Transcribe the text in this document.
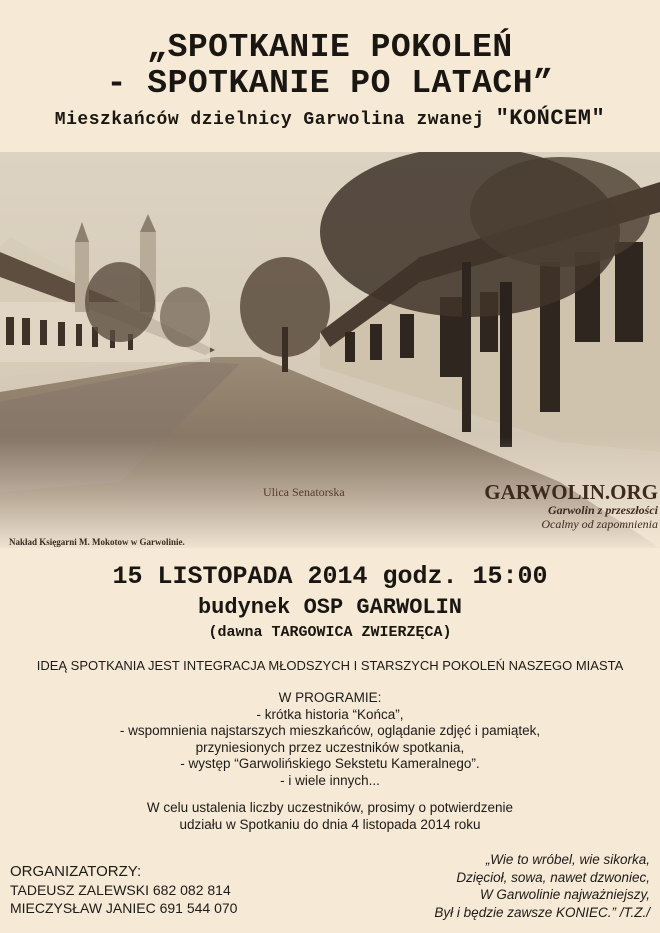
„SPOTKANIE POKOLEŃ
- SPOTKANIE PO LATACH”
Mieszkańców dzielnicy Garwolina zwanej "KOŃCEM"
Ulica Senatorska
Nakład Księgarni M. Mokotow w Garwolinie.
GARWOLIN.ORG
Garwolin z przeszłości
Ocalmy od zapomnienia
15 LISTOPADA 2014 godz. 15:00
budynek OSP GARWOLIN
(dawna TARGOWICA ZWIERZĘCA)
IDEĄ SPOTKANIA JEST INTEGRACJA MŁODSZYCH I STARSZYCH POKOLEŃ NASZEGO MIASTA
W PROGRAMIE:
- krótka historia “Końca”,
- wspomnienia najstarszych mieszkańców, oglądanie zdjęć i pamiątek,
przyniesionych przez uczestników spotkania,
- występ “Garwolińskiego Sekstetu Kameralnego”.
- i wiele innych...
W celu ustalenia liczby uczestników, prosimy o potwierdzenie
udziału w Spotkaniu do dnia 4 listopada 2014 roku
ORGANIZATORZY:
TADEUSZ ZALEWSKI 682 082 814
MIECZYSŁAW JANIEC 691 544 070
„Wie to wróbel, wie sikorka,
Dzięcioł, sowa, nawet dzwoniec,
W Garwolinie najważniejszy,
Był i będzie zawsze KONIEC.” /T.Z./
